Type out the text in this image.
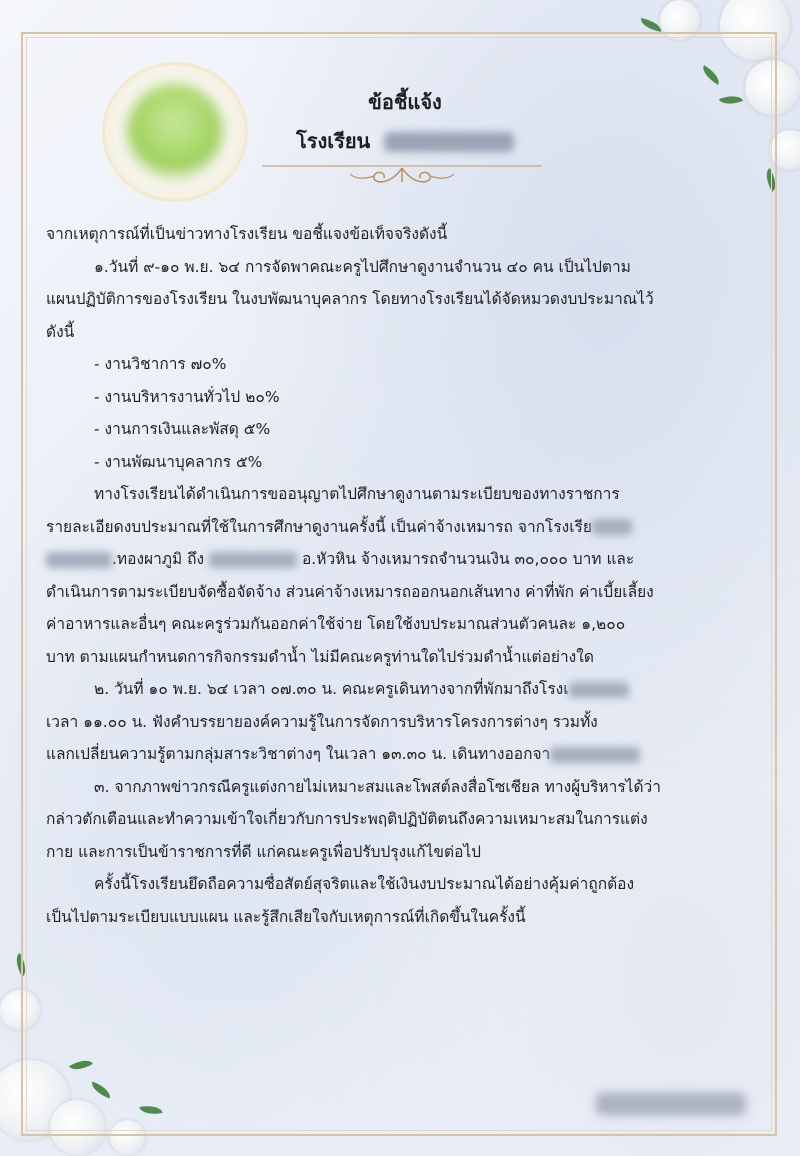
ข้อชี้แจ้ง
โรงเรียน
จากเหตุการณ์ที่เป็นข่าวทางโรงเรียน ขอชี้แจงข้อเท็จจริงดังนี้
๑.วันที่ ๙-๑๐ พ.ย. ๖๔ การจัดพาคณะครูไปศึกษาดูงานจำนวน ๔๐ คน เป็นไปตาม
แผนปฏิบัติการของโรงเรียน ในงบพัฒนาบุคลากร โดยทางโรงเรียนได้จัดหมวดงบประมาณไว้
ดังนี้
- งานวิชาการ ๗๐%
- งานบริหารงานทั่วไป ๒๐%
- งานการเงินและพัสดุ ๕%
- งานพัฒนาบุคลากร ๕%
ทางโรงเรียนได้ดำเนินการขออนุญาตไปศึกษาดูงานตามระเบียบของทางราชการ
รายละเอียดงบประมาณที่ใช้ในการศึกษาดูงานครั้งนี้ เป็นค่าจ้างเหมารถ จากโรงเรีย
.ทองผาภูมิ ถึง	อ.หัวหิน จ้างเหมารถจำนวนเงิน ๓๐,๐๐๐ บาท และ
ดำเนินการตามระเบียบจัดซื้อจัดจ้าง ส่วนค่าจ้างเหมารถออกนอกเส้นทาง ค่าที่พัก ค่าเบี้ยเลี้ยง
ค่าอาหารและอื่นๆ คณะครูร่วมกันออกค่าใช้จ่าย โดยใช้งบประมาณส่วนตัวคนละ ๑,๒๐๐
บาท ตามแผนกำหนดการกิจกรรมดำน้ำ ไม่มีคณะครูท่านใดไปร่วมดำน้ำแต่อย่างใด
๒. วันที่ ๑๐ พ.ย. ๖๔ เวลา ๐๗.๓๐ น. คณะครูเดินทางจากที่พักมาถึงโรงเ
เวลา ๑๑.๐๐ น. ฟังคำบรรยายองค์ความรู้ในการจัดการบริหารโครงการต่างๆ รวมทั้ง
แลกเปลี่ยนความรู้ตามกลุ่มสาระวิชาต่างๆ ในเวลา ๑๓.๓๐ น. เดินทางออกจา
๓. จากภาพข่าวกรณีครูแต่งกายไม่เหมาะสมและโพสต์ลงสื่อโซเชียล ทางผู้บริหารได้ว่า
กล่าวตักเตือนและทำความเข้าใจเกี่ยวกับการประพฤติปฏิบัติตนถึงความเหมาะสมในการแต่ง
กาย และการเป็นข้าราชการที่ดี แก่คณะครูเพื่อปรับปรุงแก้ไขต่อไป
ครั้งนี้โรงเรียนยึดถือความซื่อสัตย์สุจริตและใช้เงินงบประมาณได้อย่างคุ้มค่าถูกต้อง
เป็นไปตามระเบียบแบบแผน และรู้สึกเสียใจกับเหตุการณ์ที่เกิดขึ้นในครั้งนี้
